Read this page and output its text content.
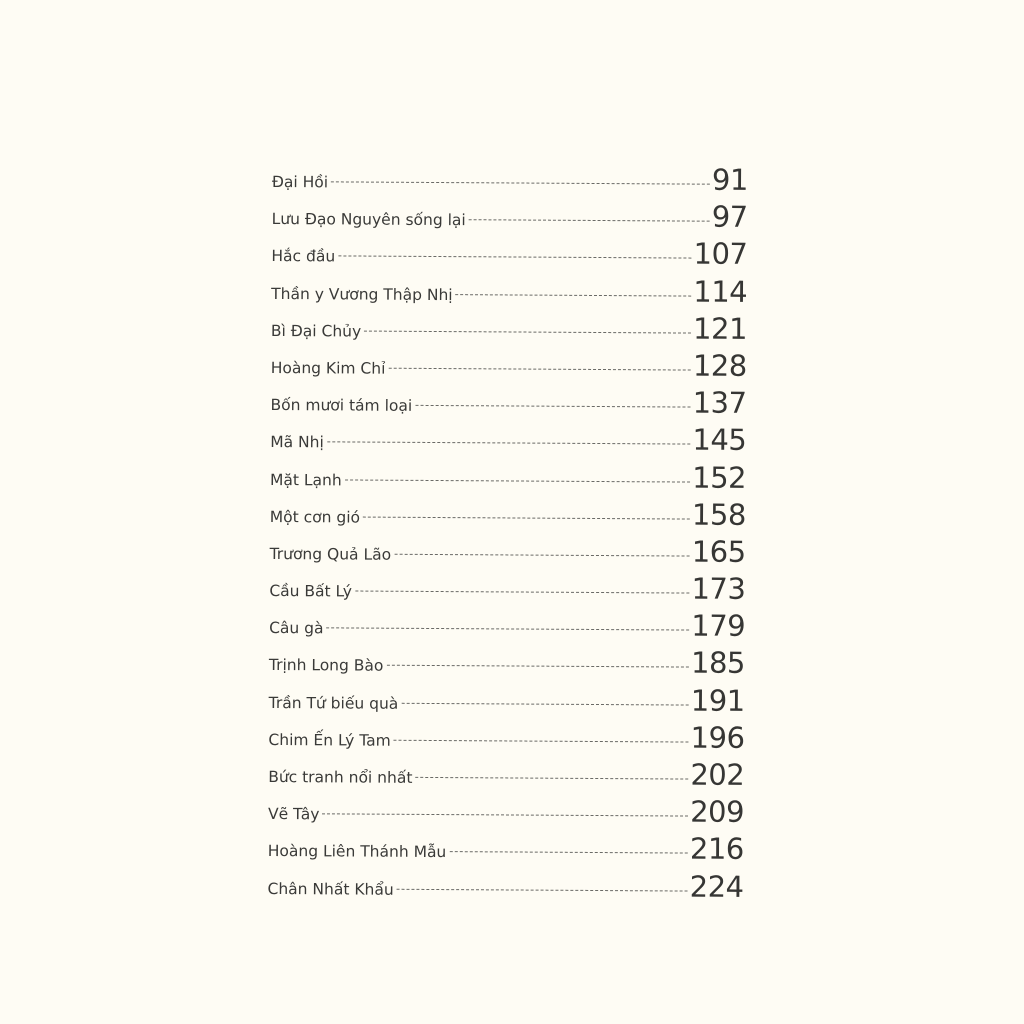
Đại Hồi	91
Lưu Đạo Nguyên sống lại	97
Hắc đầu	107
Thần y Vương Thập Nhị	114
Bì Đại Chủy	121
Hoàng Kim Chỉ	128
Bốn mươi tám loại	137
Mã Nhị	145
Mặt Lạnh	152
Một cơn gió	158
Trương Quả Lão	165
Cầu Bất Lý	173
Câu gà	179
Trịnh Long Bào	185
Trần Tứ biếu quà	191
Chim Ến Lý Tam	196
Bức tranh nổi nhất	202
Vẽ Tây	209
Hoàng Liên Thánh Mẫu	216
Chân Nhất Khẩu	224
